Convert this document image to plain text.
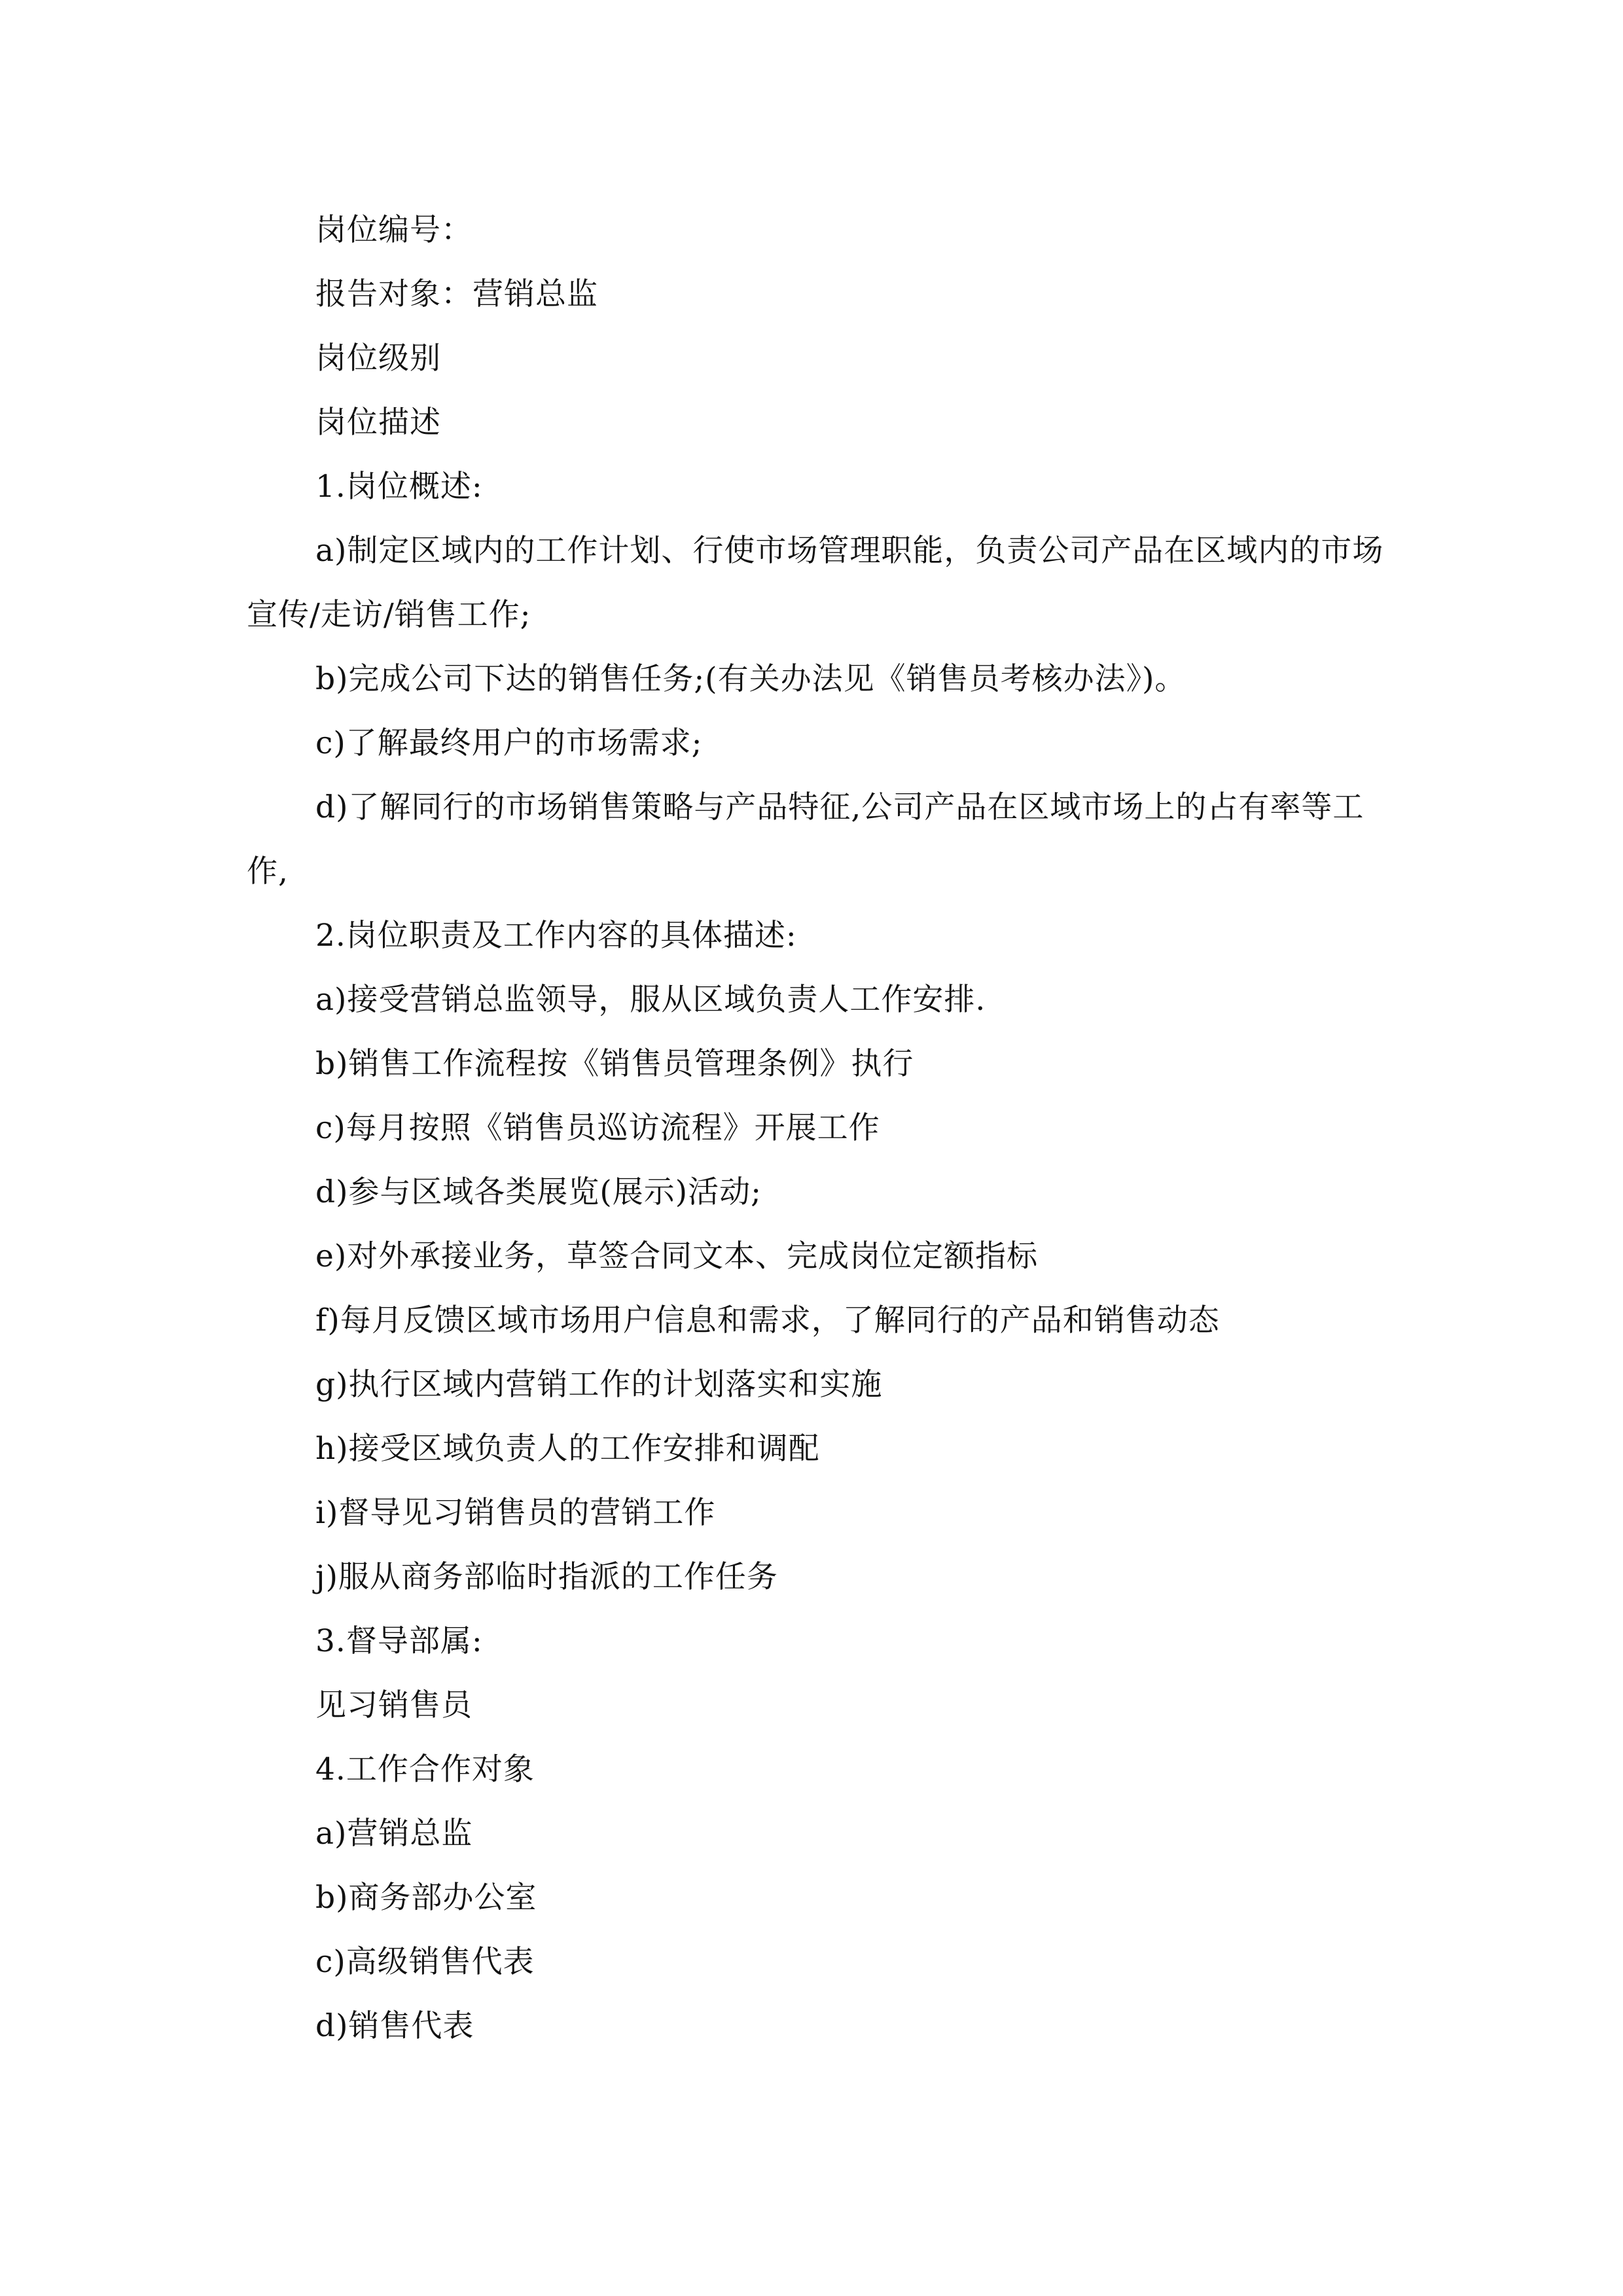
岗位编号：

报告对象：营销总监

岗位级别

岗位描述

1.岗位概述:

a)制定区域内的工作计划、行使市场管理职能，负责公司产品在区域内的市场宣传/走访/销售工作;

b)完成公司下达的销售任务;(有关办法见《销售员考核办法》)。

c)了解最终用户的市场需求;

d)了解同行的市场销售策略与产品特征,公司产品在区域市场上的占有率等工作,

2.岗位职责及工作内容的具体描述:

a)接受营销总监领导，服从区域负责人工作安排.

b)销售工作流程按《销售员管理条例》执行

c)每月按照《销售员巡访流程》开展工作

d)参与区域各类展览(展示)活动;

e)对外承接业务，草签合同文本、完成岗位定额指标

f)每月反馈区域市场用户信息和需求，了解同行的产品和销售动态

g)执行区域内营销工作的计划落实和实施

h)接受区域负责人的工作安排和调配

i)督导见习销售员的营销工作

j)服从商务部临时指派的工作任务

3.督导部属:

见习销售员

4.工作合作对象

a)营销总监

b)商务部办公室

c)高级销售代表

d)销售代表
